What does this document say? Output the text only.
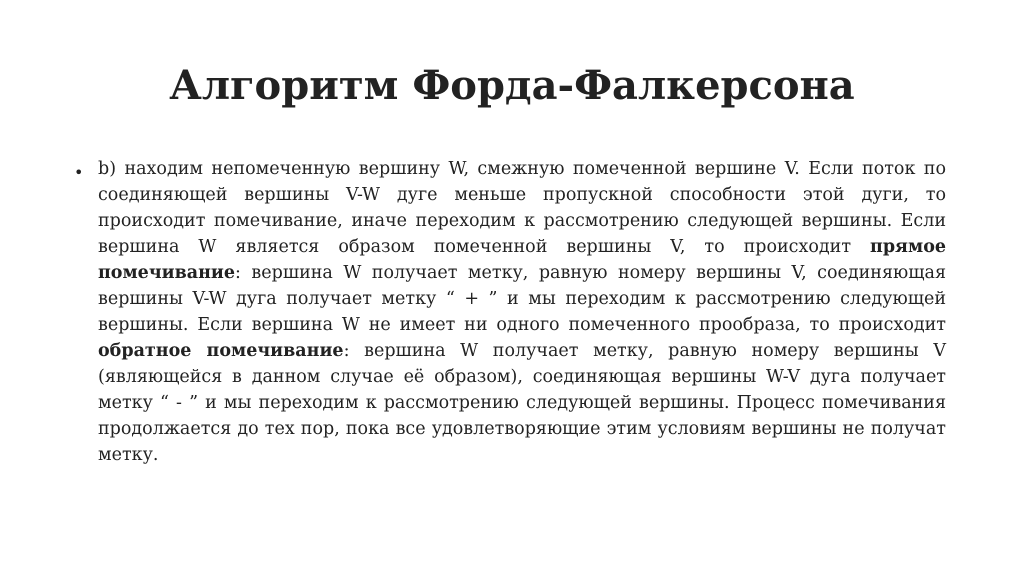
Алгоритм Форда-Фалкерсона
• b) находим непомеченную вершину W, смежную помеченной вершине V. Если поток по соединяющей вершины V-W дуге меньше пропускной способности этой дуги, то происходит помечивание, иначе переходим к рассмотрению следующей вершины. Если вершина W является образом помеченной вершины V, то происходит прямое помечивание: вершина W получает метку, равную номеру вершины V, соединяющая вершины V-W дуга получает метку “ + ” и мы переходим к рассмотрению следующей вершины. Если вершина W не имеет ни одного помеченного прообраза, то происходит обратное помечивание: вершина W получает метку, равную номеру вершины V (являющейся в данном случае её образом), соединяющая вершины W-V дуга получает метку “ - ” и мы переходим к рассмотрению следующей вершины. Процесс помечивания продолжается до тех пор, пока все удовлетворяющие этим условиям вершины не получат метку.
